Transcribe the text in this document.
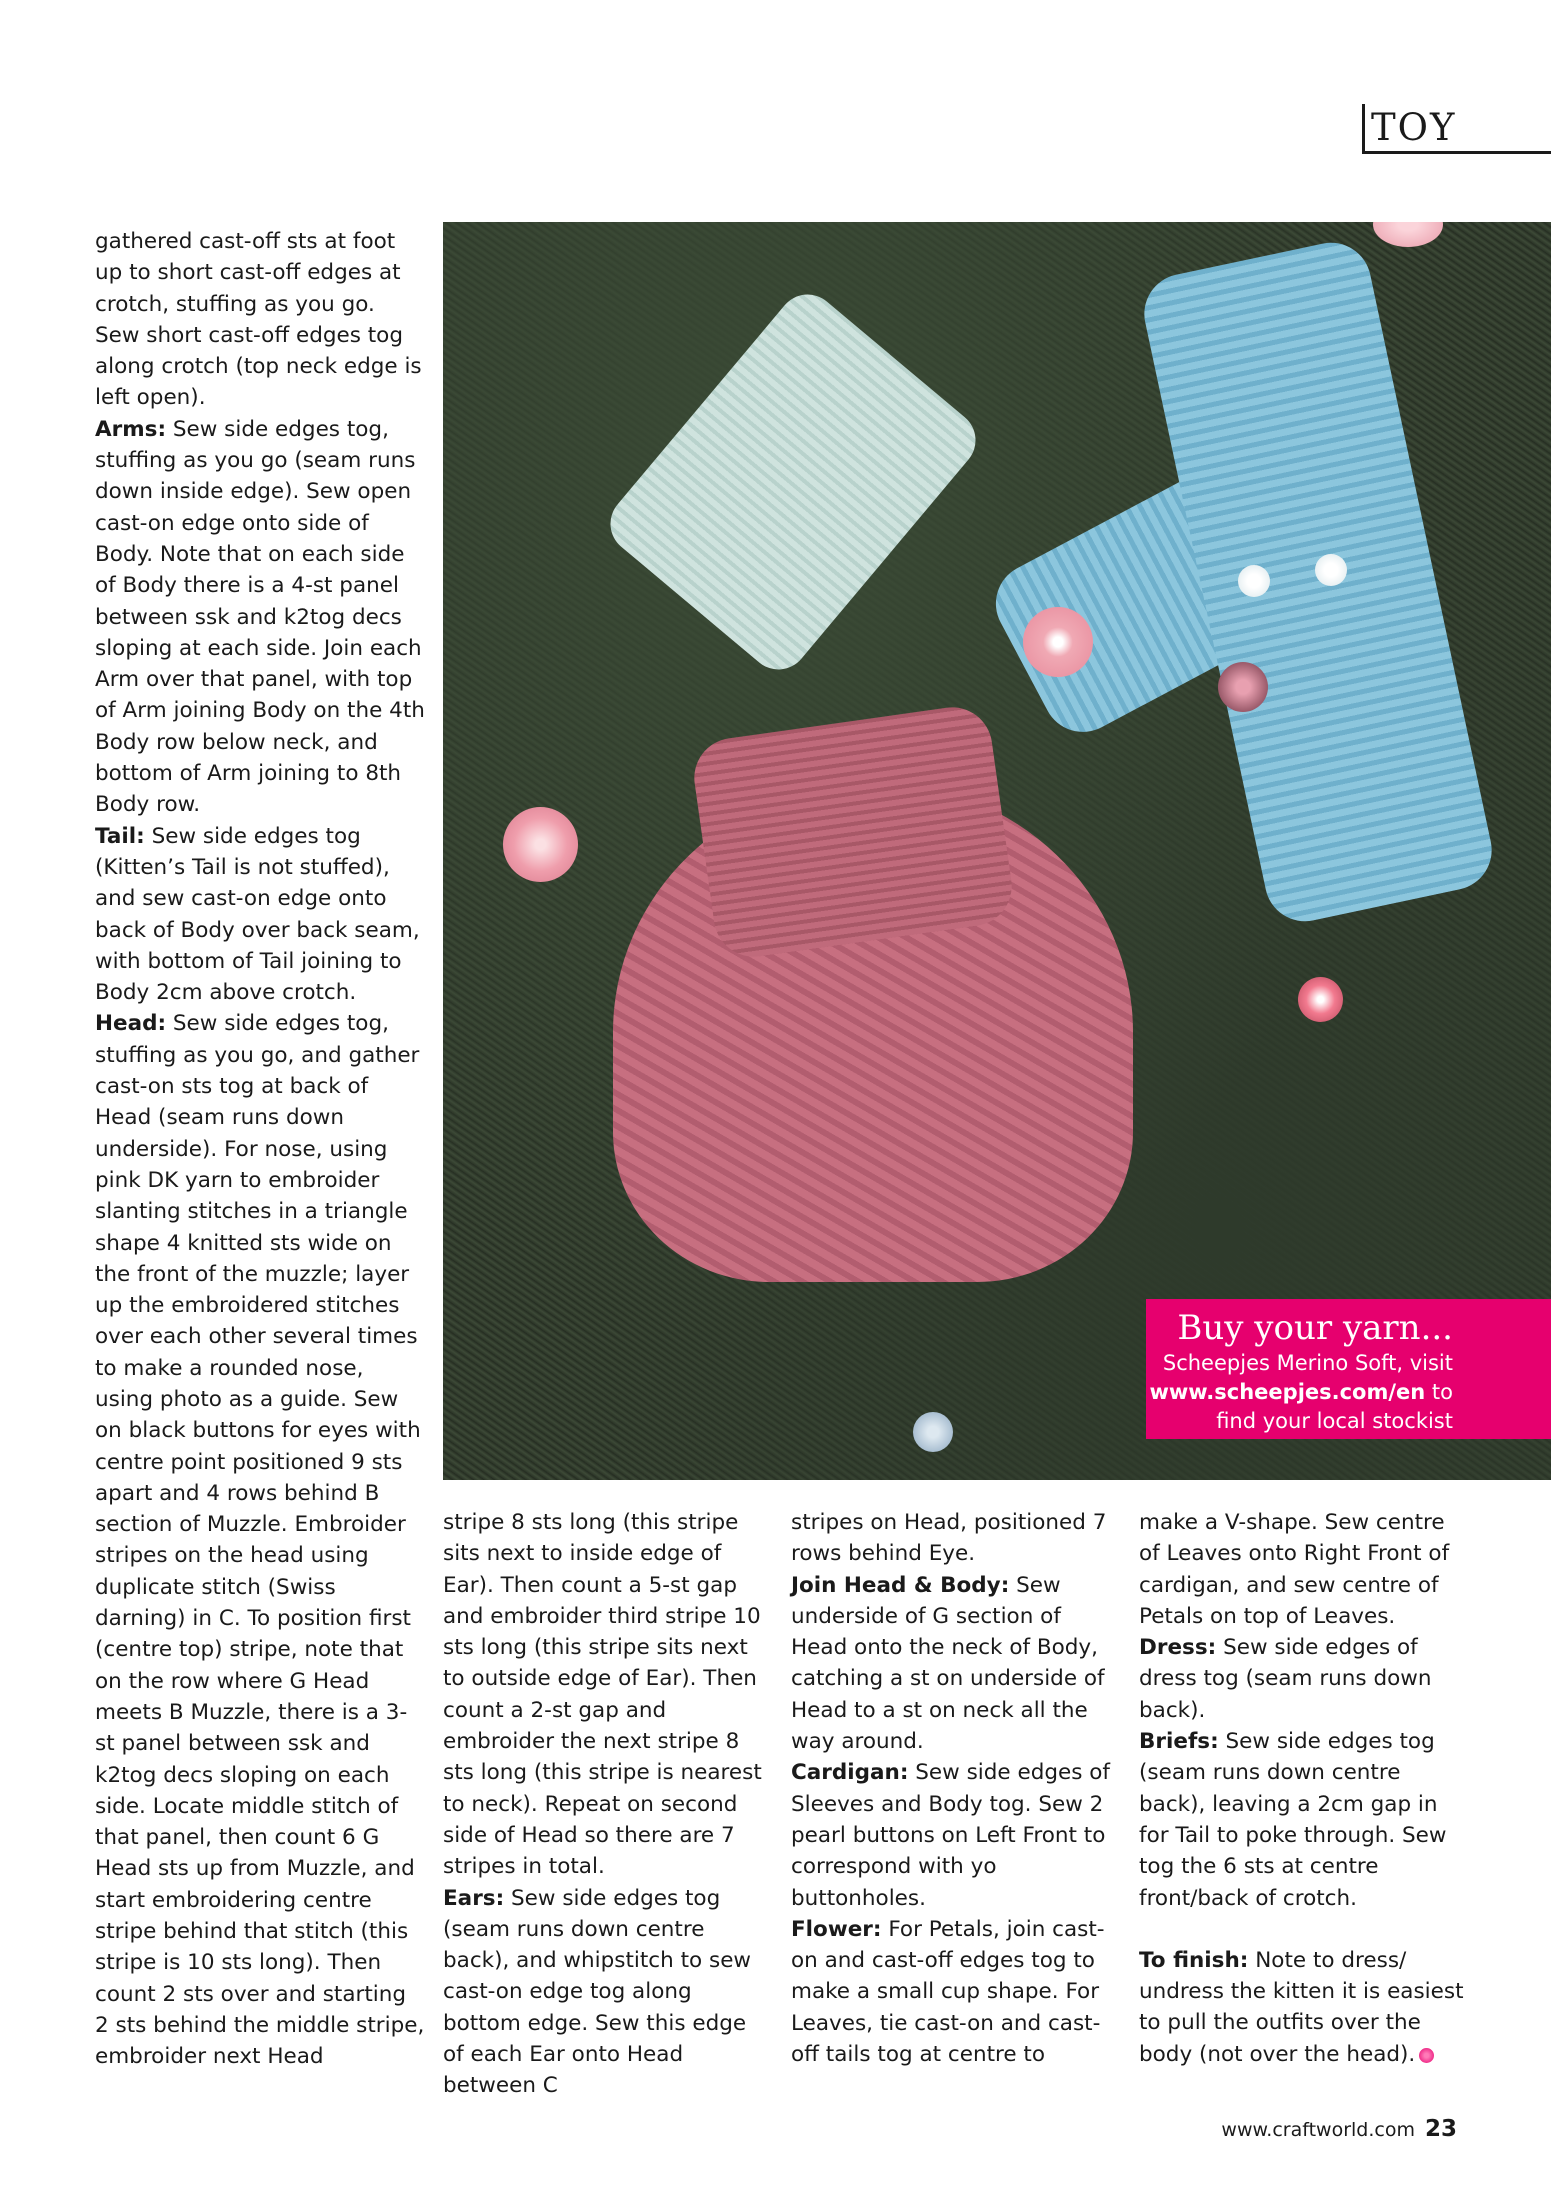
TOY

gathered cast-off sts at foot up to short cast-off edges at crotch, stuffing as you go. Sew short cast-off edges tog along crotch (top neck edge is left open).

Arms: Sew side edges tog, stuffing as you go (seam runs down inside edge). Sew open cast-on edge onto side of Body. Note that on each side of Body there is a 4-st panel between ssk and k2tog decs sloping at each side. Join each Arm over that panel, with top of Arm joining Body on the 4th Body row below neck, and bottom of Arm joining to 8th Body row.

Tail: Sew side edges tog (Kitten’s Tail is not stuffed), and sew cast-on edge onto back of Body over back seam, with bottom of Tail joining to Body 2cm above crotch.

Head: Sew side edges tog, stuffing as you go, and gather cast-on sts tog at back of Head (seam runs down underside). For nose, using pink DK yarn to embroider slanting stitches in a triangle shape 4 knitted sts wide on the front of the muzzle; layer up the embroidered stitches over each other several times to make a rounded nose, using photo as a guide. Sew on black buttons for eyes with centre point positioned 9 sts apart and 4 rows behind B section of Muzzle. Embroider stripes on the head using duplicate stitch (Swiss darning) in C. To position first (centre top) stripe, note that on the row where G Head meets B Muzzle, there is a 3-st panel between ssk and k2tog decs sloping on each side. Locate middle stitch of that panel, then count 6 G Head sts up from Muzzle, and start embroidering centre stripe behind that stitch (this stripe is 10 sts long). Then count 2 sts over and starting 2 sts behind the middle stripe, embroider next Head

Buy your yarn...
Scheepjes Merino Soft, visit
www.scheepjes.com/en to
find your local stockist

stripe 8 sts long (this stripe sits next to inside edge of Ear). Then count a 5-st gap and embroider third stripe 10 sts long (this stripe sits next to outside edge of Ear). Then count a 2-st gap and embroider the next stripe 8 sts long (this stripe is nearest to neck). Repeat on second side of Head so there are 7 stripes in total.

Ears: Sew side edges tog (seam runs down centre back), and whipstitch to sew cast-on edge tog along bottom edge. Sew this edge of each Ear onto Head between C

stripes on Head, positioned 7 rows behind Eye.

Join Head & Body: Sew underside of G section of Head onto the neck of Body, catching a st on underside of Head to a st on neck all the way around.

Cardigan: Sew side edges of Sleeves and Body tog. Sew 2 pearl buttons on Left Front to correspond with yo buttonholes.

Flower: For Petals, join cast-on and cast-off edges tog to make a small cup shape. For Leaves, tie cast-on and cast-off tails tog at centre to

make a V-shape. Sew centre of Leaves onto Right Front of cardigan, and sew centre of Petals on top of Leaves.

Dress: Sew side edges of dress tog (seam runs down back).

Briefs: Sew side edges tog (seam runs down centre back), leaving a 2cm gap in for Tail to poke through. Sew tog the 6 sts at centre front/back of crotch.

To finish: Note to dress/ undress the kitten it is easiest to pull the outfits over the body (not over the head).

www.craftworld.com 23
